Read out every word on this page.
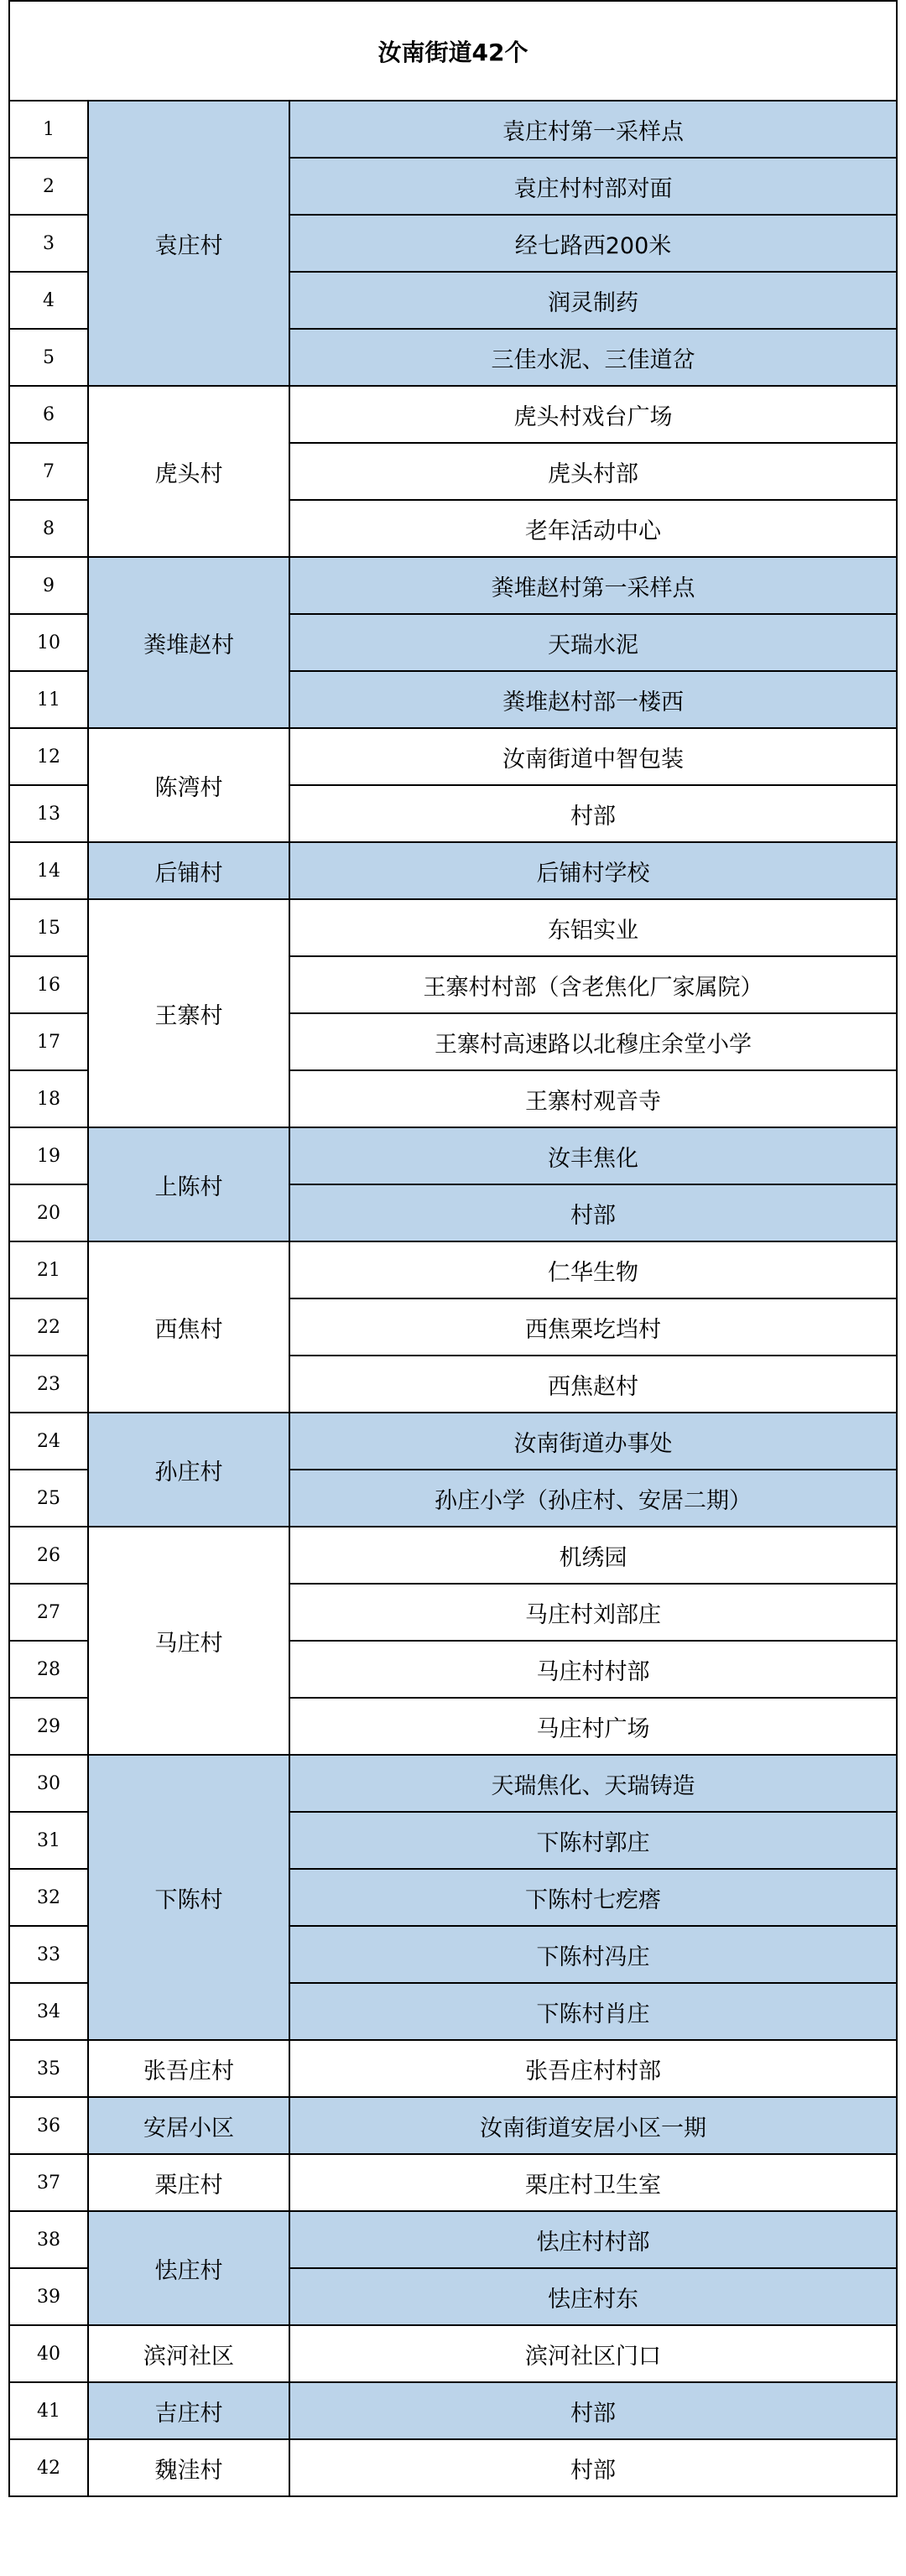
汝南街道42个		
1	袁庄村	袁庄村第一采样点
2		袁庄村村部对面
3		经七路西200米
4		润灵制药
5		三佳水泥、三佳道岔
6	虎头村	虎头村戏台广场
7		虎头村部
8		老年活动中心
9	粪堆赵村	粪堆赵村第一采样点
10		天瑞水泥
11		粪堆赵村部一楼西
12	陈湾村	汝南街道中智包装
13		村部
14	后铺村	后铺村学校
15	王寨村	东铝实业
16		王寨村村部（含老焦化厂家属院）
17		王寨村高速路以北穆庄余堂小学
18		王寨村观音寺
19	上陈村	汝丰焦化
20		村部
21	西焦村	仁华生物
22		西焦栗圪垱村
23		西焦赵村
24	孙庄村	汝南街道办事处
25		孙庄小学（孙庄村、安居二期）
26	马庄村	机绣园
27		马庄村刘部庄
28		马庄村村部
29		马庄村广场
30	下陈村	天瑞焦化、天瑞铸造
31		下陈村郭庄
32		下陈村七疙瘩
33		下陈村冯庄
34		下陈村肖庄
35	张吾庄村	张吾庄村村部
36	安居小区	汝南街道安居小区一期
37	栗庄村	栗庄村卫生室
38	怯庄村	怯庄村村部
39		怯庄村东
40	滨河社区	滨河社区门口
41	吉庄村	村部
42	魏洼村	村部
